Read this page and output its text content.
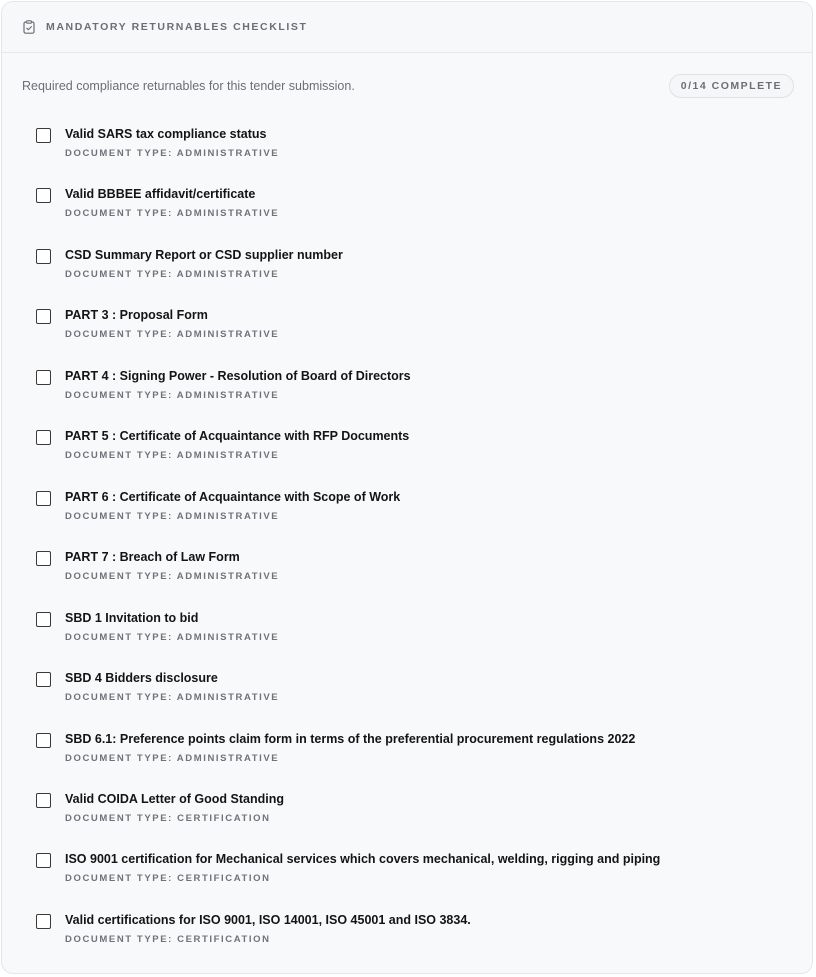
MANDATORY RETURNABLES CHECKLIST
Required compliance returnables for this tender submission.	0/14 COMPLETE
Valid SARS tax compliance status
DOCUMENT TYPE: ADMINISTRATIVE
Valid BBBEE affidavit/certificate
DOCUMENT TYPE: ADMINISTRATIVE
CSD Summary Report or CSD supplier number
DOCUMENT TYPE: ADMINISTRATIVE
PART 3 : Proposal Form
DOCUMENT TYPE: ADMINISTRATIVE
PART 4 : Signing Power - Resolution of Board of Directors
DOCUMENT TYPE: ADMINISTRATIVE
PART 5 : Certificate of Acquaintance with RFP Documents
DOCUMENT TYPE: ADMINISTRATIVE
PART 6 : Certificate of Acquaintance with Scope of Work
DOCUMENT TYPE: ADMINISTRATIVE
PART 7 : Breach of Law Form
DOCUMENT TYPE: ADMINISTRATIVE
SBD 1 Invitation to bid
DOCUMENT TYPE: ADMINISTRATIVE
SBD 4 Bidders disclosure
DOCUMENT TYPE: ADMINISTRATIVE
SBD 6.1: Preference points claim form in terms of the preferential procurement regulations 2022
DOCUMENT TYPE: ADMINISTRATIVE
Valid COIDA Letter of Good Standing
DOCUMENT TYPE: CERTIFICATION
ISO 9001 certification for Mechanical services which covers mechanical, welding, rigging and piping
DOCUMENT TYPE: CERTIFICATION
Valid certifications for ISO 9001, ISO 14001, ISO 45001 and ISO 3834.
DOCUMENT TYPE: CERTIFICATION
